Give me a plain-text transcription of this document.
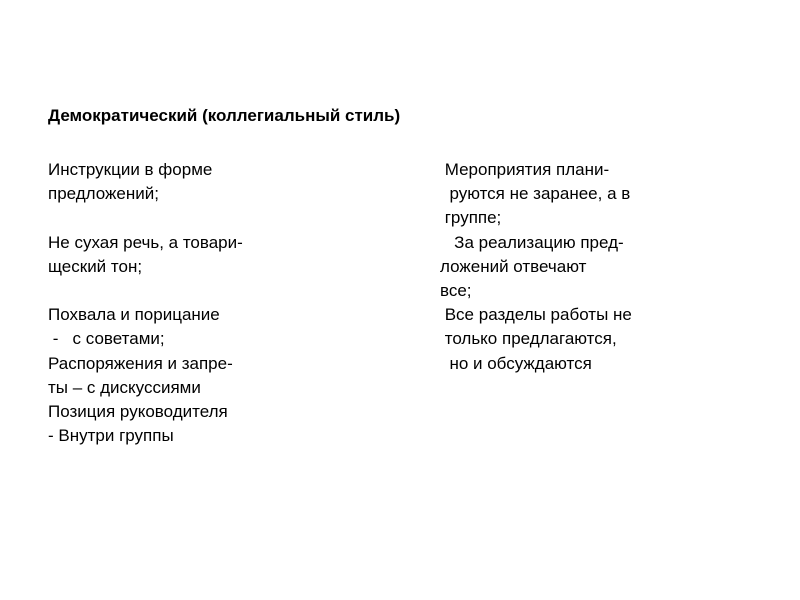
Демократический (коллегиальный стиль)
Инструкции в форме
предложений;
Не сухая речь, а товари-
щеский тон;
Похвала и порицание
-   с советами;
Распоряжения и запре-
ты – с дискуссиями
Позиция руководителя
- Внутри группы
Мероприятия плани-
руются не заранее, а в
группе;
За реализацию пред-
ложений отвечают
все;
Все разделы работы не
только предлагаются,
но и обсуждаются
